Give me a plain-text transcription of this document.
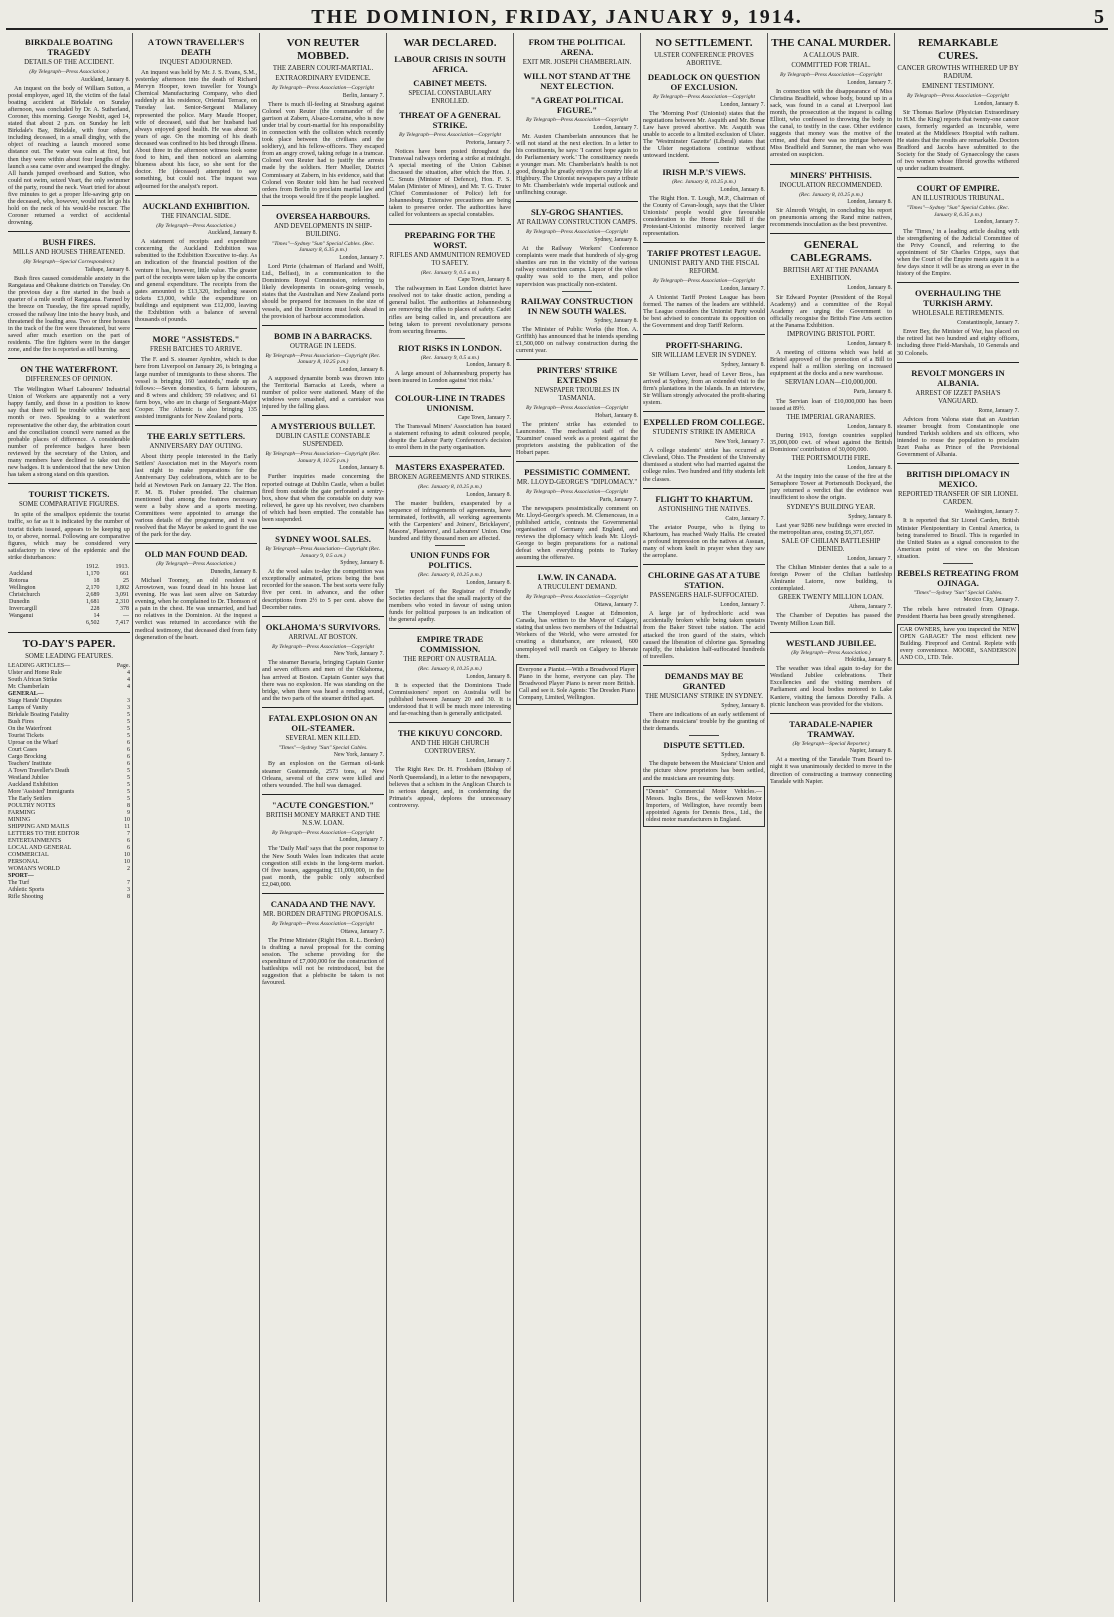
THE DOMINION, FRIDAY, JANUARY 9, 1914.	5
BIRKDALE BOATING TRAGEDY
DETAILS OF THE ACCIDENT.
(By Telegraph—Press Association.)
Auckland, January 8.

An inquest on the body of William Sutton, a postal employee, aged 18, the victim of the fatal boating accident at Birkdale on Sunday afternoon, was concluded by Dr. A. Sutherland, Coroner, this morning. George Nesbit, aged 14, stated that about 2 p.m. on Sunday he left Birkdale's Bay, Birkdale, with four others, including deceased, in a small dinghy, with the object of reaching a launch moored some distance out. The water was calm at first, but then they were within about four lengths of the launch a sea came over and swamped the dinghy. All hands jumped overboard and Sutton, who could not swim, seized Veart, the only swimmer of the party, round the neck. Veart tried for about five minutes to get a proper life-saving grip on the deceased, who, however, would not let go his hold on the neck of his would-be rescuer. The Coroner returned a verdict of accidental drowning.

BUSH FIRES.
MILLS AND HOUSES THREATENED.
(By Telegraph—Special Correspondent.)
Taihape, January 8.

Bush fires caused considerable anxiety in the Rangataua and Ohakune districts on Tuesday. On the previous day a fire started in the bush a quarter of a mile south of Rangataua. Fanned by the breeze on Tuesday, the fire spread rapidly, crossed the railway line into the heavy bush, and threatened the loading area. Two or three houses in the track of the fire were threatened, but were saved after much exertion on the part of residents. The fire fighters were in the danger zone, and the fire is reported as still burning.

ON THE WATERFRONT.
DIFFERENCES OF OPINION.

The Wellington Wharf Labourers' Industrial Union of Workers are apparently not a very happy family, and those in a position to know say that there will be trouble within the next month or two. Speaking to a waterfront representative the other day, the arbitration court and the conciliation council were named as the probable places of difference. A considerable number of preference badges have been reviewed by the secretary of the Union, and many members have declined to take out the new badges. It is understood that the new Union has taken a strong stand on this question.

TOURIST TICKETS.
SOME COMPARATIVE FIGURES.

In spite of the smallpox epidemic the tourist traffic, so far as it is indicated by the number of tourist tickets issued, appears to be keeping up to, or above, normal. Following are comparative figures, which may be considered very satisfactory in view of the epidemic and the strike disturbances:

	1912.	1913.
Auckland	1,170	661
Rotorua	18	25
Wellington	2,170	1,802
Christchurch	2,689	3,091
Dunedin	1,681	2,310
Invercargill	228	378
Wanganui	14	—
	6,502	7,417
TO-DAY'S PAPER.
SOME LEADING FEATURES.
LEADING ARTICLES—	Page.
Ulster and Home Rule	4
South African Strike	4
Mr. Chamberlain	4
GENERAL—
Stage Hands' Disputes	3
Lamps of Vanity	3
Birkdale Boating Fatality	5
Bush Fires	5
On the Waterfront	5
Tourist Tickets	5
Uproar on the Wharf	6
Court Cases	6
Cargo Brocking	6
Teachers' Institute	6
A Town Traveller's Death	5
Westland Jubilee	5
Auckland Exhibition	5
More 'Assisted' Immigrants	5
The Early Settlers	5
POULTRY NOTES	8
FARMING	9
MINING	10
SHIPPING AND MAILS	11
LETTERS TO THE EDITOR	7
ENTERTAINMENTS	6
LOCAL AND GENERAL	6
COMMERCIAL	10
PERSONAL	10
WOMAN'S WORLD	2
SPORT—
The Turf	7
Athletic Sports	3
Rifle Shooting	8
A TOWN TRAVELLER'S DEATH
INQUEST ADJOURNED.

An inquest was held by Mr. J. S. Evans, S.M., yesterday afternoon into the death of Richard Mervyn Hooper, town traveller for Young's Chemical Manufacturing Company, who died suddenly at his residence, Oriental Terrace, on Tuesday last. Senior-Sergeant Mallaney represented the police. Mary Maude Hooper, wife of deceased, said that her husband had always enjoyed good health. He was about 36 years of age. On the morning of his death deceased was confined to his bed through illness. About three in the afternoon witness took some food to him, and then noticed an alarming blueness about his face, so she sent for the doctor. He (deceased) attempted to say something, but could not. The inquest was adjourned for the analyst's report.

AUCKLAND EXHIBITION.
THE FINANCIAL SIDE.
(By Telegraph—Press Association.)
Auckland, January 8.

A statement of receipts and expenditure concerning the Auckland Exhibition was submitted to the Exhibition Executive to-day. As an indication of the financial position of the venture it has, however, little value. The greater part of the receipts were taken up by the concerts and general expenditure. The receipts from the gates amounted to £13,320, including season tickets £3,000, while the expenditure on buildings and equipment was £12,000, leaving the Exhibition with a balance of several thousands of pounds.

MORE "ASSISTEDS."
FRESH BATCHES TO ARRIVE.

The F. and S. steamer Ayrshire, which is due here from Liverpool on January 26, is bringing a large number of immigrants to these shores. The vessel is bringing 160 'assisteds,' made up as follows:—Seven domestics, 6 farm labourers, and 8 wives and children; 59 relatives; and 61 farm boys, who are in charge of Sergeant-Major Cooper. The Athenic is also bringing 135 assisted immigrants for New Zealand ports.

THE EARLY SETTLERS.
ANNIVERSARY DAY OUTING.

About thirty people interested in the Early Settlers' Association met in the Mayor's room last night to make preparations for the Anniversary Day celebrations, which are to be held at Newtown Park on January 22. The Hon. F. M. B. Fisher presided. The chairman mentioned that among the features necessary were a baby show and a sports meeting. Committees were appointed to arrange the various details of the programme, and it was resolved that the Mayor be asked to grant the use of the park for the day.

OLD MAN FOUND DEAD.
(By Telegraph—Press Association.)
Dunedin, January 8.

Michael Toomey, an old resident of Arrowtown, was found dead in his house last evening. He was last seen alive on Saturday evening, when he complained to Dr. Thomson of a pain in the chest. He was unmarried, and had no relatives in the Dominion. At the inquest a verdict was returned in accordance with the medical testimony, that deceased died from fatty degeneration of the heart.

VON REUTER MOBBED.
THE ZABERN COURT-MARTIAL.
EXTRAORDINARY EVIDENCE.
By Telegraph—Press Association—Copyright
Berlin, January 7.

There is much ill-feeling at Strasburg against Colonel von Reuter (the commander of the garrison at Zabern, Alsace-Lorraine, who is now under trial by court-martial for his responsibility in connection with the collision which recently took place between the civilians and the soldiery), and his fellow-officers. They escaped from an angry crowd, taking refuge in a tramcar. Colonel von Reuter had to justify the arrests made by the soldiers. Herr Mueller, District Commissary at Zabern, in his evidence, said that Colonel von Reuter told him he had received orders from Berlin to proclaim martial law and that the troops would fire if the people laughed.

OVERSEA HARBOURS.
AND DEVELOPMENTS IN SHIP-BUILDING.
"Times"—Sydney "Sun" Special Cables. (Rec. January 8, 6.35 p.m.)
London, January 7.

Lord Pirrie (chairman of Harland and Wolff, Ltd., Belfast), in a communication to the Dominions Royal Commission, referring to likely developments in ocean-going vessels, states that the Australian and New Zealand ports should be prepared for increases in the size of vessels, and the Dominions must look ahead in the provision of harbour accommodation.

BOMB IN A BARRACKS.
OUTRAGE IN LEEDS.
By Telegraph—Press Association—Copyright (Rec. January 8, 10.25 p.m.)
London, January 8.

A supposed dynamite bomb was thrown into the Territorial Barracks at Leeds, where a number of police were stationed. Many of the windows were smashed, and a caretaker was injured by the falling glass.

A MYSTERIOUS BULLET.
DUBLIN CASTLE CONSTABLE SUSPENDED.
By Telegraph—Press Association—Copyright (Rec. January 8, 10.25 p.m.)
London, January 8.

Further inquiries made concerning the reported outrage at Dublin Castle, when a bullet fired from outside the gate perforated a sentry-box, show that when the constable on duty was relieved, he gave up his revolver, two chambers of which had been emptied. The constable has been suspended.

SYDNEY WOOL SALES.
By Telegraph—Press Association—Copyright (Rec. January 9, 0.5 a.m.)
Sydney, January 8.

At the wool sales to-day the competition was exceptionally animated, prices being the best recorded for the season. The best sorts were fully five per cent. in advance, and the other descriptions from 2½ to 5 per cent. above the December rates.

OKLAHOMA'S SURVIVORS.
ARRIVAL AT BOSTON.
By Telegraph—Press Association—Copyright
New York, January 7.

The steamer Bavaria, bringing Captain Gunter and seven officers and men of the Oklahoma, has arrived at Boston. Captain Gunter says that there was no explosion. He was standing on the bridge, when there was heard a rending sound, and the two parts of the steamer drifted apart.

FATAL EXPLOSION ON AN OIL-STEAMER.
SEVERAL MEN KILLED.
"Times"—Sydney "Sun" Special Cables.
New York, January 7.

By an explosion on the German oil-tank steamer Gustemunde, 2573 tons, at New Orleans, several of the crew were killed and others wounded. The hull was damaged.

"ACUTE CONGESTION."
BRITISH MONEY MARKET AND THE N.S.W. LOAN.
By Telegraph—Press Association—Copyright
London, January 7.

The 'Daily Mail' says that the poor response to the New South Wales loan indicates that acute congestion still exists in the long-term market. Of five issues, aggregating £11,000,000, in the past month, the public only subscribed £2,040,000.

CANADA AND THE NAVY.
MR. BORDEN DRAFTING PROPOSALS.
By Telegraph—Press Association—Copyright
Ottawa, January 7.

The Prime Minister (Right Hon. R. L. Borden) is drafting a naval proposal for the coming session. The scheme providing for the expenditure of £7,000,000 for the construction of battleships will not be reintroduced, but the suggestion that a plebiscite be taken is not favoured.

WAR DECLARED.
LABOUR CRISIS IN SOUTH AFRICA.
CABINET MEETS.
SPECIAL CONSTABULARY ENROLLED.
THREAT OF A GENERAL STRIKE.
By Telegraph—Press Association—Copyright
Pretoria, January 7.

Notices have been posted throughout the Transvaal railways ordering a strike at midnight. A special meeting of the Union Cabinet discussed the situation, after which the Hon. J. C. Smuts (Minister of Defence), Hon. F. S. Malan (Minister of Mines), and Mr. T. G. Truter (Chief Commissioner of Police) left for Johannesburg. Extensive precautions are being taken to preserve order. The authorities have called for volunteers as special constables.

PREPARING FOR THE WORST.
RIFLES AND AMMUNITION REMOVED TO SAFETY.
(Rec. January 9, 0.5 a.m.)
Cape Town, January 8.

The railwaymen in East London district have resolved not to take drastic action, pending a general ballot. The authorities at Johannesburg are removing the rifles to places of safety. Cadet rifles are being called in, and precautions are being taken to prevent revolutionary persons from securing firearms.

RIOT RISKS IN LONDON.
(Rec. January 9, 0.5 a.m.)
London, January 8.

A large amount of Johannesburg property has been insured in London against 'riot risks.'

COLOUR-LINE IN TRADES UNIONISM.
Cape Town, January 7.

The Transvaal Miners' Association has issued a statement refusing to admit coloured people, despite the Labour Party Conference's decision to enrol them in the party organisation.

MASTERS EXASPERATED.
BROKEN AGREEMENTS AND STRIKES.
(Rec. January 8, 10.25 p.m.)
London, January 8.

The master builders, exasperated by a sequence of infringements of agreements, have terminated, forthwith, all working agreements with the Carpenters' and Joiners', Bricklayers', Masons', Plasterers', and Labourers' Union. One hundred and fifty thousand men are affected.

UNION FUNDS FOR POLITICS.
(Rec. January 8, 10.25 p.m.)
London, January 8.

The report of the Registrar of Friendly Societies declares that the small majority of the members who voted in favour of using union funds for political purposes is an indication of the general apathy.

EMPIRE TRADE COMMISSION.
THE REPORT ON AUSTRALIA.
(Rec. January 8, 10.25 p.m.)
London, January 8.

It is expected that the Dominions Trade Commissioners' report on Australia will be published between January 20 and 30. It is understood that it will be much more interesting and far-reaching than is generally anticipated.

THE KIKUYU CONCORD.
AND THE HIGH CHURCH CONTROVERSY.
London, January 7.

The Right Rev. Dr. H. Frodsham (Bishop of North Queensland), in a letter to the newspapers, believes that a schism in the Anglican Church is in serious danger, and, in condemning the Primate's appeal, deplores the unnecessary controversy.

FROM THE POLITICAL ARENA.
EXIT MR. JOSEPH CHAMBERLAIN.
WILL NOT STAND AT THE NEXT ELECTION.
"A GREAT POLITICAL FIGURE."
By Telegraph—Press Association—Copyright
London, January 7.

Mr. Austen Chamberlain announces that he will not stand at the next election. In a letter to his constituents, he says: 'I cannot hope again to do Parliamentary work.' The constituency needs a younger man. Mr. Chamberlain's health is not good, though he greatly enjoys the country life at Highbury. The Unionist newspapers pay a tribute to Mr. Chamberlain's wide imperial outlook and unflinching courage.

SLY-GROG SHANTIES.
AT RAILWAY CONSTRUCTION CAMPS.
By Telegraph—Press Association—Copyright
Sydney, January 8.

At the Railway Workers' Conference complaints were made that hundreds of sly-grog shanties are run in the vicinity of the various railway construction camps. Liquor of the vilest quality was sold to the men, and police supervision was practically non-existent.

RAILWAY CONSTRUCTION IN NEW SOUTH WALES.
Sydney, January 8.

The Minister of Public Works (the Hon. A. Griffith) has announced that he intends spending £1,500,000 on railway construction during the current year.

PRINTERS' STRIKE EXTENDS
NEWSPAPER TROUBLES IN TASMANIA.
By Telegraph—Press Association—Copyright
Hobart, January 8.

The printers' strike has extended to Launceston. The mechanical staff of the 'Examiner' ceased work as a protest against the proprietors assisting the publication of the Hobart paper.

PESSIMISTIC COMMENT.
MR. LLOYD-GEORGE'S "DIPLOMACY."
By Telegraph—Press Association—Copyright
Paris, January 7.

The newspapers pessimistically comment on Mr. Lloyd-George's speech. M. Clemenceau, in a published article, contrasts the Governmental organisation of Germany and England, and reviews the diplomacy which leads Mr. Lloyd-George to begin preparations for a national defeat when everything points to Turkey assuming the offensive.

I.W.W. IN CANADA.
A TRUCULENT DEMAND.
By Telegraph—Press Association—Copyright
Ottawa, January 7.

The Unemployed League at Edmonton, Canada, has written to the Mayor of Calgary, stating that unless two members of the Industrial Workers of the World, who were arrested for creating a disturbance, are released, 600 unemployed will march on Calgary to liberate them.

Everyone a Pianist.—With a Broadwood Player Piano in the home, everyone can play. The Broadwood Player Piano is never more British. Call and see it. Sole Agents: The Dresden Piano Company, Limited, Wellington.
NO SETTLEMENT.
ULSTER CONFERENCE PROVES ABORTIVE.
DEADLOCK ON QUESTION OF EXCLUSION.
By Telegraph—Press Association—Copyright
London, January 7.

The 'Morning Post' (Unionist) states that the negotiations between Mr. Asquith and Mr. Bonar Law have proved abortive. Mr. Asquith was unable to accede to a limited exclusion of Ulster. The 'Westminster Gazette' (Liberal) states that the Ulster negotiations continue without untoward incident.

IRISH M.P.'S VIEWS.
(Rec. January 8, 10.25 p.m.)
London, January 8.

The Right Hon. T. Lough, M.P., Chairman of the County of Cavan-lough, says that the Ulster Unionists' people would give favourable consideration to the Home Rule Bill if the Protestant-Unionist minority received larger representation.

TARIFF PROTEST LEAGUE.
UNIONIST PARTY AND THE FISCAL REFORM.
By Telegraph—Press Association—Copyright
London, January 7.

A Unionist Tariff Protest League has been formed. The names of the leaders are withheld. The League considers the Unionist Party would be best advised to concentrate its opposition on the Government and drop Tariff Reform.

PROFIT-SHARING.
SIR WILLIAM LEVER IN SYDNEY.
Sydney, January 8.

Sir William Lever, head of Lever Bros., has arrived at Sydney, from an extended visit to the firm's plantations in the Islands. In an interview, Sir William strongly advocated the profit-sharing system.

EXPELLED FROM COLLEGE.
STUDENTS' STRIKE IN AMERICA
New York, January 7.

A college students' strike has occurred at Cleveland, Ohio. The President of the University dismissed a student who had married against the college rules. Two hundred and fifty students left the classes.

FLIGHT TO KHARTUM.
ASTONISHING THE NATIVES.
Cairo, January 7.

The aviator Pourpe, who is flying to Khartoum, has reached Wady Halfa. He created a profound impression on the natives at Assuan, many of whom knelt in prayer when they saw the aeroplane.

CHLORINE GAS AT A TUBE STATION.
PASSENGERS HALF-SUFFOCATED.
London, January 7.

A large jar of hydrochloric acid was accidentally broken while being taken upstairs from the Baker Street tube station. The acid attacked the iron guard of the stairs, which caused the liberation of chlorine gas. Spreading rapidly, the inhalation half-suffocated hundreds of travellers.

DEMANDS MAY BE GRANTED
THE MUSICIANS' STRIKE IN SYDNEY.
Sydney, January 8.

There are indications of an early settlement of the theatre musicians' trouble by the granting of their demands.

DISPUTE SETTLED.
Sydney, January 8.

The dispute between the Musicians' Union and the picture show proprietors has been settled, and the musicians are resuming duty.

"Dennis" Commercial Motor Vehicles.—Messrs. Inglis Bros., the well-known Motor Importers, of Wellington, have recently been appointed Agents for Dennis Bros., Ltd., the oldest motor manufacturers in England.
THE CANAL MURDER.
A CALLOUS PAIR.
COMMITTED FOR TRIAL.
By Telegraph—Press Association—Copyright
London, January 7.

In connection with the disappearance of Miss Christina Bradfield, whose body, bound up in a sack, was found in a canal at Liverpool last month, the prosecution at the inquest is calling Elliott, who confessed to throwing the body in the canal, to testify in the case. Other evidence suggests that money was the motive of the crime, and that there was no intrigue between Miss Bradfield and Sumner, the man who was arrested on suspicion.

MINERS' PHTHISIS.
INOCULATION RECOMMENDED.
(Rec. January 8, 10.25 p.m.)
London, January 8.

Sir Almroth Wright, in concluding his report on pneumonia among the Rand mine natives, recommends inoculation as the best preventive.

GENERAL CABLEGRAMS.
BRITISH ART AT THE PANAMA EXHIBITION.
London, January 8.

Sir Edward Poynter (President of the Royal Academy) and a committee of the Royal Academy are urging the Government to officially recognise the British Fine Arts section at the Panama Exhibition.

IMPROVING BRISTOL PORT.
London, January 8.

A meeting of citizens which was held at Bristol approved of the promotion of a Bill to expend half a million sterling on increased equipment at the docks and a new warehouse.

SERVIAN LOAN—£10,000,000.
Paris, January 8.

The Servian loan of £10,000,000 has been issued at 89½.

THE IMPERIAL GRANARIES.
London, January 8.

During 1913, foreign countries supplied 35,000,000 cwt. of wheat against the British Dominions' contribution of 30,000,000.

THE PORTSMOUTH FIRE.
London, January 8.

At the inquiry into the cause of the fire at the Semaphore Tower at Portsmouth Dockyard, the jury returned a verdict that the evidence was insufficient to show the origin.

SYDNEY'S BUILDING YEAR.
Sydney, January 8.

Last year 9286 new buildings were erected in the metropolitan area, costing £6,371,057.

SALE OF CHILIAN BATTLESHIP DENIED.
London, January 7.

The Chilian Minister denies that a sale to a foreign Power of the Chilian battleship Almirante Latorre, now building, is contemplated.

GREEK TWENTY MILLION LOAN.
Athens, January 7.

The Chamber of Deputies has passed the Twenty Million Loan Bill.

WESTLAND JUBILEE.
(By Telegraph—Press Association.)
Hokitika, January 8.

The weather was ideal again to-day for the Westland Jubilee celebrations. Their Excellencies and the visiting members of Parliament and local bodies motored to Lake Kaniere, visiting the famous Dorothy Falls. A picnic luncheon was provided for the visitors.

TARADALE-NAPIER TRAMWAY.
(By Telegraph—Special Reporter.)
Napier, January 8.

At a meeting of the Taradale Tram Board to-night it was unanimously decided to move in the direction of constructing a tramway connecting Taradale with Napier.

REMARKABLE CURES.
CANCER GROWTHS WITHERED UP BY RADIUM.
EMINENT TESTIMONY.
By Telegraph—Press Association—Copyright
London, January 8.

Sir Thomas Barlow (Physician Extraordinary to H.M. the King) reports that twenty-one cancer cases, formerly regarded as incurable, were treated at the Middlesex Hospital with radium. He states that the results are remarkable. Doctors Bradford and Jacobs have submitted to the Society for the Study of Gynaecology the cases of two women whose fibroid growths withered up under radium treatment.

COURT OF EMPIRE.
AN ILLUSTRIOUS TRIBUNAL.
"Times"—Sydney "Sun" Special Cables. (Rec. January 8, 6.35 p.m.)
London, January 7.

The 'Times,' in a leading article dealing with the strengthening of the Judicial Committee of the Privy Council, and referring to the appointment of Sir Charles Cripps, says that when the Court of the Empire meets again it is a few days since it will be as strong as ever in the history of the Empire.

OVERHAULING THE TURKISH ARMY.
WHOLESALE RETIREMENTS.
Constantinople, January 7.

Enver Bey, the Minister of War, has placed on the retired list two hundred and eighty officers, including three Field-Marshals, 10 Generals and 30 Colonels.

REVOLT MONGERS IN ALBANIA.
ARREST OF IZZET PASHA'S VANGUARD.
Rome, January 7.

Advices from Valona state that an Austrian steamer brought from Constantinople one hundred Turkish soldiers and six officers, who intended to rouse the population to proclaim Izzet Pasha as Prince of the Provisional Government of Albania.

BRITISH DIPLOMACY IN MEXICO.
REPORTED TRANSFER OF SIR LIONEL CARDEN.
Washington, January 7.

It is reported that Sir Lionel Carden, British Minister Plenipotentiary in Central America, is being transferred to Brazil. This is regarded in the United States as a signal concession to the American point of view on the Mexican situation.

REBELS RETREATING FROM OJINAGA.
"Times"—Sydney "Sun" Special Cables.
Mexico City, January 7.

The rebels have retreated from Ojinaga. President Huerta has been greatly strengthened.

CAR OWNERS, have you inspected the NEW OPEN GARAGE? The most efficient new Building. Fireproof and Central. Replete with every convenience. MOORE, SANDERSON AND CO., LTD. Tele.
